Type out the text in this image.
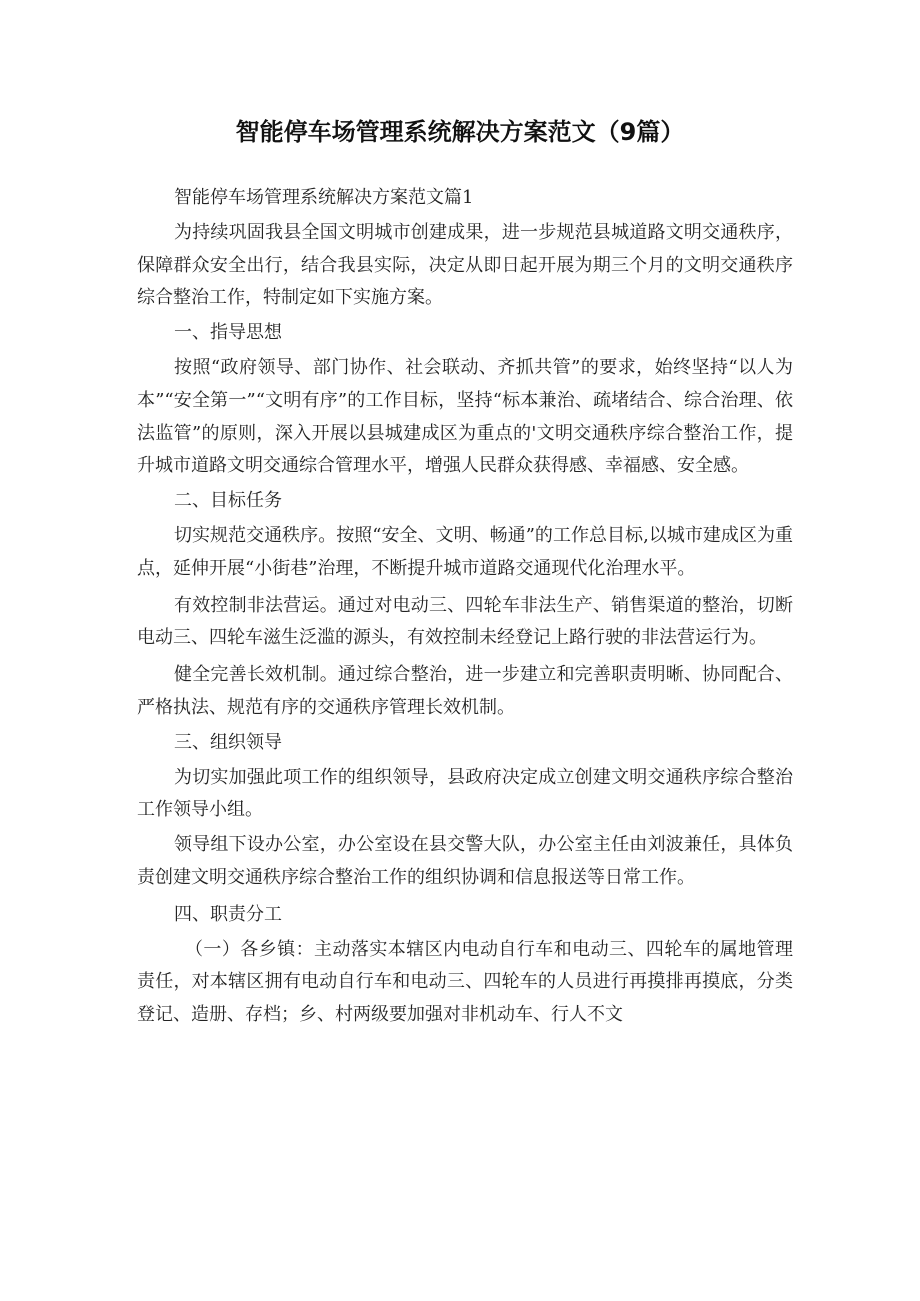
智能停车场管理系统解决方案范文（9篇）

智能停车场管理系统解决方案范文篇1

为持续巩固我县全国文明城市创建成果，进一步规范县城道路文明交通秩序，保障群众安全出行，结合我县实际，决定从即日起开展为期三个月的文明交通秩序综合整治工作，特制定如下实施方案。

一、指导思想

按照“政府领导、部门协作、社会联动、齐抓共管”的要求，始终坚持“以人为本”“安全第一”“文明有序”的工作目标，坚持“标本兼治、疏堵结合、综合治理、依法监管”的原则，深入开展以县城建成区为重点的'文明交通秩序综合整治工作，提升城市道路文明交通综合管理水平，增强人民群众获得感、幸福感、安全感。

二、目标任务

切实规范交通秩序。按照“安全、文明、畅通”的工作总目标,以城市建成区为重点，延伸开展“小街巷”治理，不断提升城市道路交通现代化治理水平。

有效控制非法营运。通过对电动三、四轮车非法生产、销售渠道的整治，切断电动三、四轮车滋生泛滥的源头，有效控制未经登记上路行驶的非法营运行为。

健全完善长效机制。通过综合整治，进一步建立和完善职责明晰、协同配合、严格执法、规范有序的交通秩序管理长效机制。

三、组织领导

为切实加强此项工作的组织领导，县政府决定成立创建文明交通秩序综合整治工作领导小组。

领导组下设办公室，办公室设在县交警大队，办公室主任由刘波兼任，具体负责创建文明交通秩序综合整治工作的组织协调和信息报送等日常工作。

四、职责分工

（一）各乡镇：主动落实本辖区内电动自行车和电动三、四轮车的属地管理责任，对本辖区拥有电动自行车和电动三、四轮车的人员进行再摸排再摸底，分类登记、造册、存档；乡、村两级要加强对非机动车、行人不文
